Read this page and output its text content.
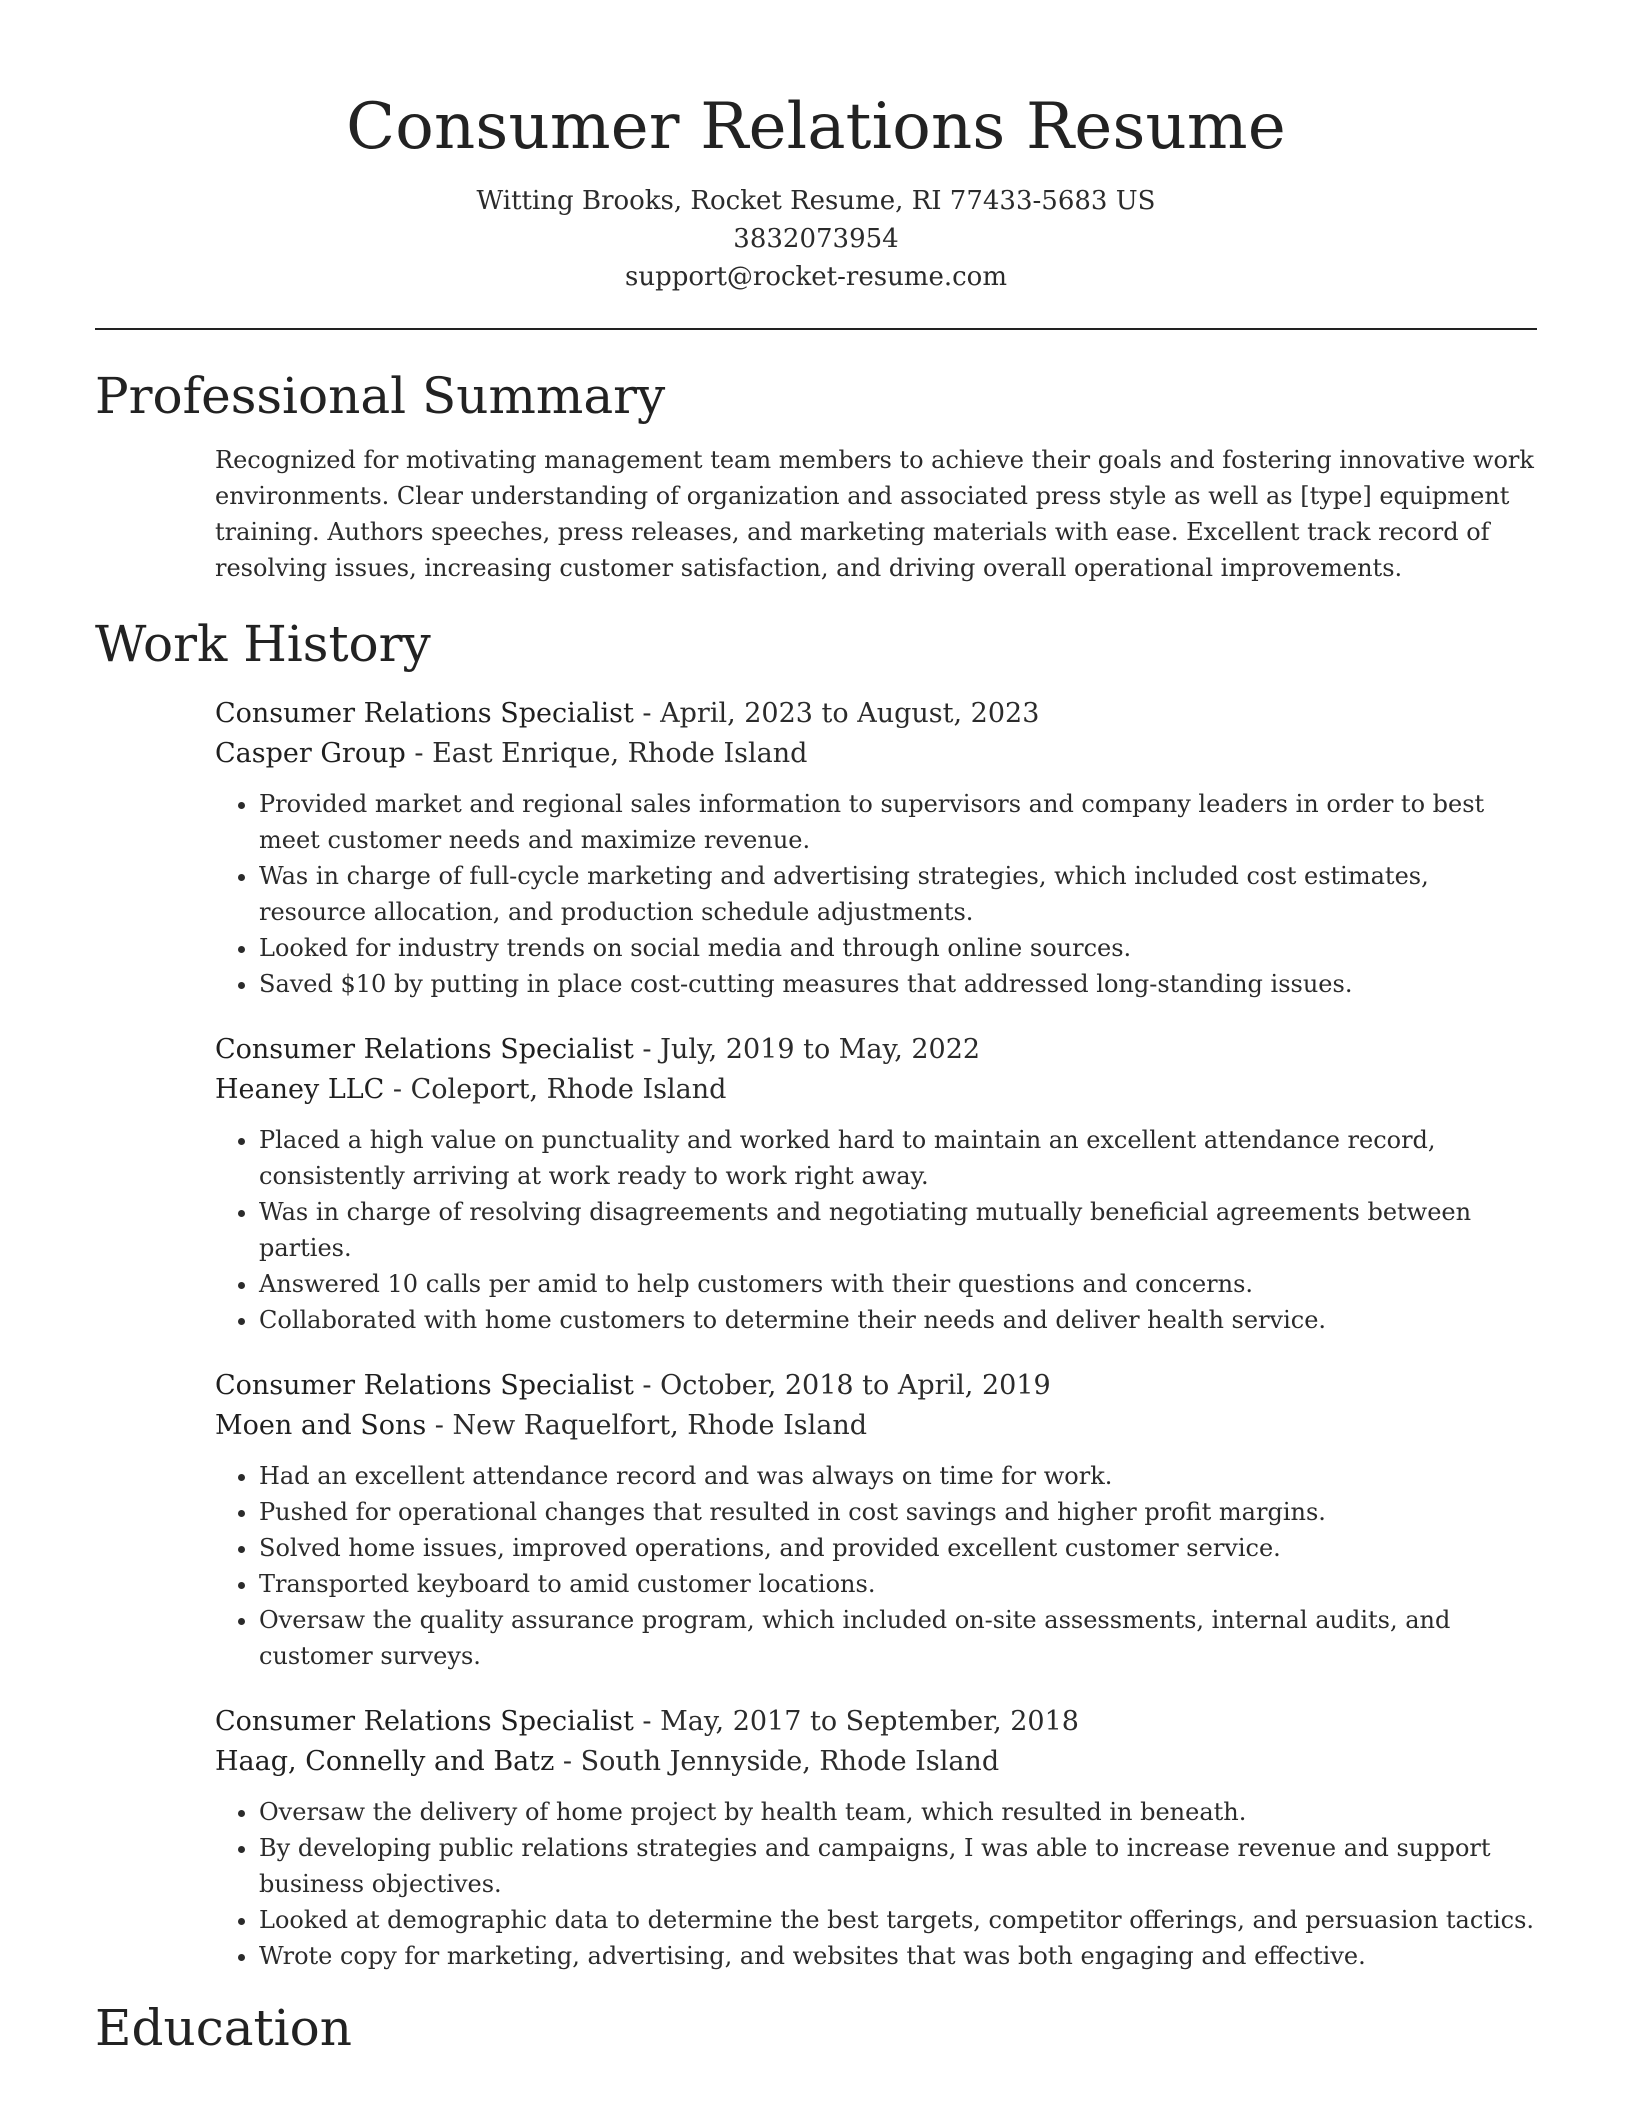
Consumer Relations Resume
Witting Brooks, Rocket Resume, RI 77433-5683 US
3832073954
support@rocket-resume.com
Professional Summary

Recognized for motivating management team members to achieve their goals and fostering innovative work environments. Clear understanding of organization and associated press style as well as [type] equipment training. Authors speeches, press releases, and marketing materials with ease. Excellent track record of resolving issues, increasing customer satisfaction, and driving overall operational improvements.

Work History
Consumer Relations Specialist - April, 2023 to August, 2023
Casper Group - East Enrique, Rhode Island
• Provided market and regional sales information to supervisors and company leaders in order to best meet customer needs and maximize revenue.
• Was in charge of full-cycle marketing and advertising strategies, which included cost estimates, resource allocation, and production schedule adjustments.
• Looked for industry trends on social media and through online sources.
• Saved $10 by putting in place cost-cutting measures that addressed long-standing issues.
Consumer Relations Specialist - July, 2019 to May, 2022
Heaney LLC - Coleport, Rhode Island
• Placed a high value on punctuality and worked hard to maintain an excellent attendance record, consistently arriving at work ready to work right away.
• Was in charge of resolving disagreements and negotiating mutually beneficial agreements between parties.
• Answered 10 calls per amid to help customers with their questions and concerns.
• Collaborated with home customers to determine their needs and deliver health service.
Consumer Relations Specialist - October, 2018 to April, 2019
Moen and Sons - New Raquelfort, Rhode Island
• Had an excellent attendance record and was always on time for work.
• Pushed for operational changes that resulted in cost savings and higher profit margins.
• Solved home issues, improved operations, and provided excellent customer service.
• Transported keyboard to amid customer locations.
• Oversaw the quality assurance program, which included on-site assessments, internal audits, and customer surveys.
Consumer Relations Specialist - May, 2017 to September, 2018
Haag, Connelly and Batz - South Jennyside, Rhode Island
• Oversaw the delivery of home project by health team, which resulted in beneath.
• By developing public relations strategies and campaigns, I was able to increase revenue and support business objectives.
• Looked at demographic data to determine the best targets, competitor offerings, and persuasion tactics.
• Wrote copy for marketing, advertising, and websites that was both engaging and effective.
Education
